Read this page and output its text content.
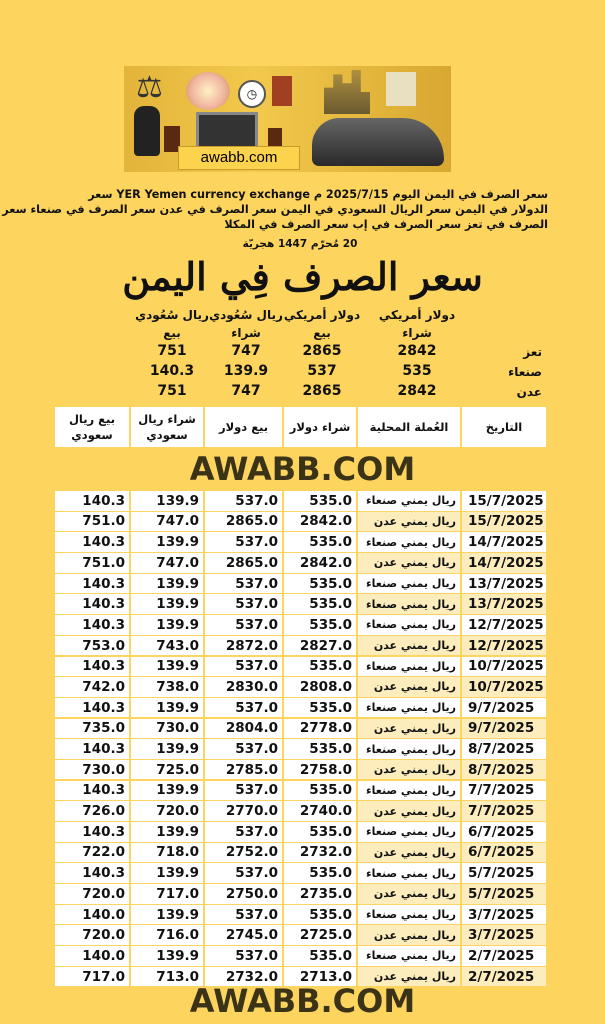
⚖	◷
awabb.com
سعر الصرف في اليمن اليوم 2025/7/15 م YER Yemen currency exchange سعر
الدولار في اليمن سعر الريال السعودي في اليمن سعر الصرف في عدن سعر الصرف في صنعاء سعر
الصرف في تعز سعر الصرف في إب سعر الصرف في المكلا
20 مُحرّم 1447 هجريّة
سعر الصرف فِي اليمن
دولار أمريكي
شراء
دولار أمريكي
بيع
ريال سُعُودي
شراء
ريال سُعُودي
بيع
تعز
2842
2865
747
751
صنعاء
535
537
139.9
140.3
عدن
2842
2865
747
751
التاريخ
العُملة المحلية
شراء دولار
بيع دولار
شراء ريال سعودي
بيع ريال سعودي
AWABB.COM
15/7/2025
ريال يمني صنعاء
535.0
537.0
139.9
140.3
15/7/2025
ريال يمني عدن
2842.0
2865.0
747.0
751.0
14/7/2025
ريال يمني صنعاء
535.0
537.0
139.9
140.3
14/7/2025
ريال يمني عدن
2842.0
2865.0
747.0
751.0
13/7/2025
ريال يمني صنعاء
535.0
537.0
139.9
140.3
13/7/2025
ريال يمني صنعاء
535.0
537.0
139.9
140.3
12/7/2025
ريال يمني صنعاء
535.0
537.0
139.9
140.3
12/7/2025
ريال يمني عدن
2827.0
2872.0
743.0
753.0
10/7/2025
ريال يمني صنعاء
535.0
537.0
139.9
140.3
10/7/2025
ريال يمني عدن
2808.0
2830.0
738.0
742.0
9/7/2025
ريال يمني صنعاء
535.0
537.0
139.9
140.3
9/7/2025
ريال يمني عدن
2778.0
2804.0
730.0
735.0
8/7/2025
ريال يمني صنعاء
535.0
537.0
139.9
140.3
8/7/2025
ريال يمني عدن
2758.0
2785.0
725.0
730.0
7/7/2025
ريال يمني صنعاء
535.0
537.0
139.9
140.3
7/7/2025
ريال يمني عدن
2740.0
2770.0
720.0
726.0
6/7/2025
ريال يمني صنعاء
535.0
537.0
139.9
140.3
6/7/2025
ريال يمني عدن
2732.0
2752.0
718.0
722.0
5/7/2025
ريال يمني صنعاء
535.0
537.0
139.9
140.3
5/7/2025
ريال يمني عدن
2735.0
2750.0
717.0
720.0
3/7/2025
ريال يمني صنعاء
535.0
537.0
139.9
140.0
3/7/2025
ريال يمني عدن
2725.0
2745.0
716.0
720.0
2/7/2025
ريال يمني صنعاء
535.0
537.0
139.9
140.0
2/7/2025
ريال يمني عدن
2713.0
2732.0
713.0
717.0
AWABB.COM
